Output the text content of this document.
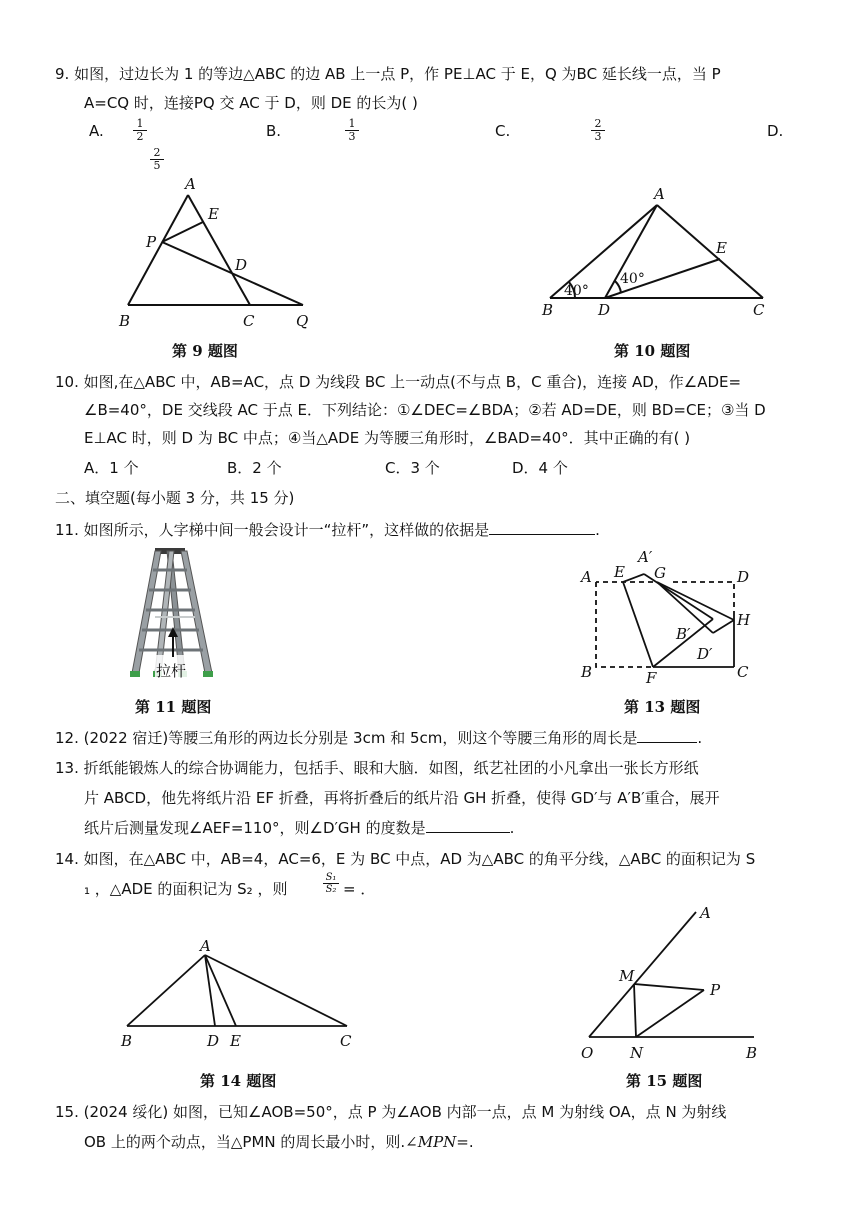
9. 如图，过边长为 1 的等边△ABC 的边 AB 上一点 P，作 PE⊥AC 于 E，Q 为BC 延长线一点，当 P
A=CQ 时，连接PQ 交 AC 于 D，则 DE 的长为( )
A.	$\frac{1}{2}$	B.	$\frac{1}{3}$	C.	$\frac{2}{3}$	D.
$\frac{2}{5}$
A
E
P
D
B	C	Q
第 9 题图
A
E
B	D	C
40°
40°
第 10 题图
10. 如图,在△ABC 中，AB=AC，点 D 为线段 BC 上一动点(不与点 B，C 重合)，连接 AD，作∠ADE=
∠B=40°，DE 交线段 AC 于点 E．下列结论：①∠DEC=∠BDA；②若 AD=DE，则 BD=CE；③当 D
E⊥AC 时，则 D 为 BC 中点；④当△ADE 为等腰三角形时，∠BAD=40°．其中正确的有( )
A．1 个	B．2 个	C．3 个	D．4 个
二、填空题(每小题 3 分，共 15 分)
11. 如图所示，人字梯中间一般会设计一“拉杆”，这样做的依据是	.
拉杆
第 11 题图
A E
A′
G	D
H
B′
D′
B	F	C
第 13 题图
12. (2022 宿迁)等腰三角形的两边长分别是 3cm 和 5cm，则这个等腰三角形的周长是	.
13. 折纸能锻炼人的综合协调能力，包括手、眼和大脑．如图，纸艺社团的小凡拿出一张长方形纸
片 ABCD，他先将纸片沿 EF 折叠，再将折叠后的纸片沿 GH 折叠，使得 GD′与 A′B′重合，展开
纸片后测量发现∠AEF=110°，则∠D′GH 的度数是	.
14. 如图，在△ABC 中，AB=4，AC=6，E 为 BC 中点，AD 为△ABC 的角平分线，△ABC 的面积记为 S
₁ ，△ADE 的面积记为 S₂ ，则	$\frac{\text{S₁}}{\text{S₂}}$ = ．
A
B	D E	C
第 14 题图
A
M
P
O N	B
第 15 题图
15. (2024 绥化) 如图，已知∠AOB=50°，点 P 为∠AOB 内部一点，点 M 为射线 OA，点 N 为射线
OB 上的两个动点，当△PMN 的周长最小时，则.∠MPN=.
